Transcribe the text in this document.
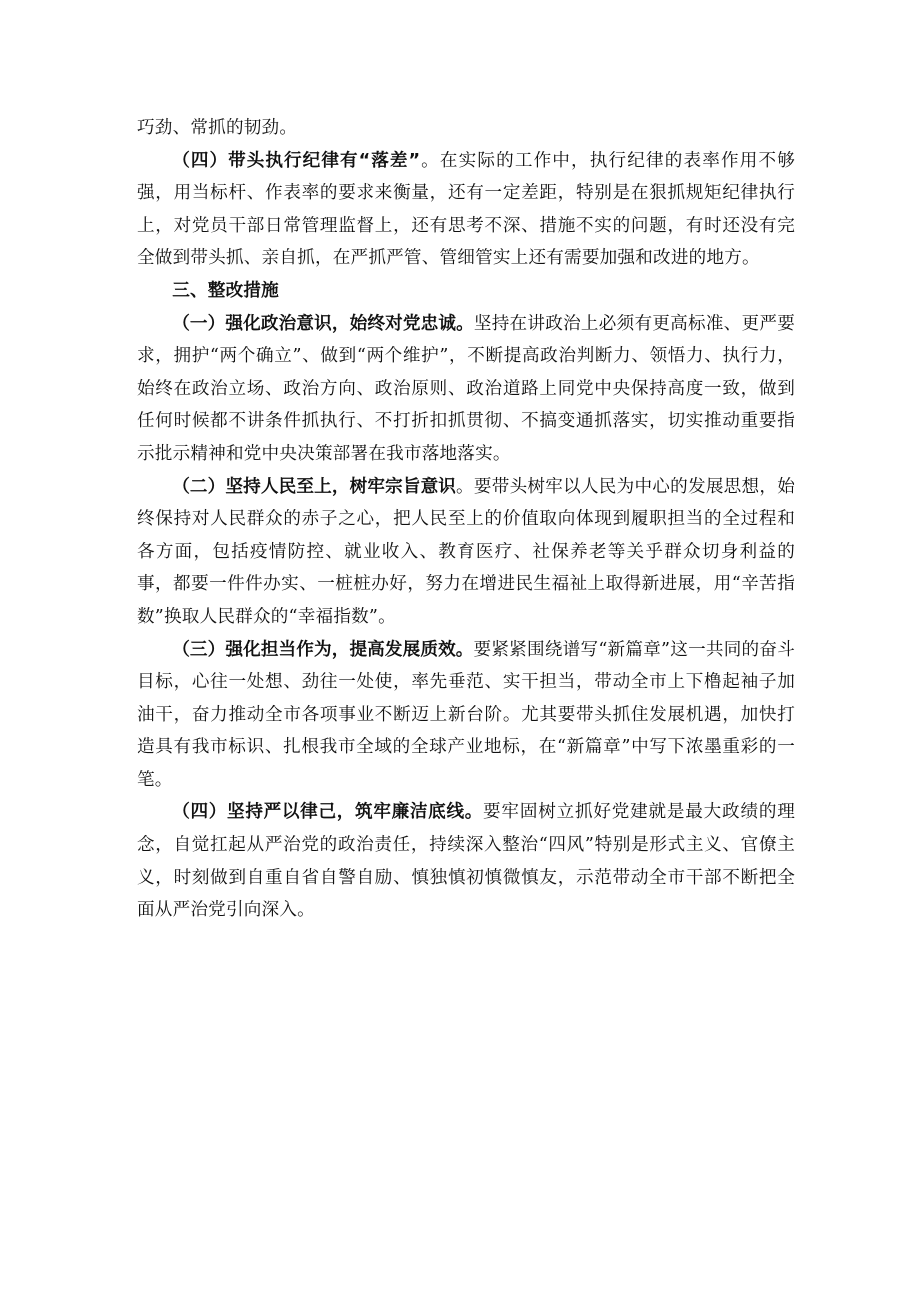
巧劲、常抓的韧劲。

（四）带头执行纪律有“落差”。在实际的工作中，执行纪律的表率作用不够强，用当标杆、作表率的要求来衡量，还有一定差距，特别是在狠抓规矩纪律执行上，对党员干部日常管理监督上，还有思考不深、措施不实的问题，有时还没有完全做到带头抓、亲自抓，在严抓严管、管细管实上还有需要加强和改进的地方。

三、整改措施

（一）强化政治意识，始终对党忠诚。坚持在讲政治上必须有更高标准、更严要求，拥护“两个确立”、做到“两个维护”，不断提高政治判断力、领悟力、执行力，始终在政治立场、政治方向、政治原则、政治道路上同党中央保持高度一致，做到任何时候都不讲条件抓执行、不打折扣抓贯彻、不搞变通抓落实，切实推动重要指示批示精神和党中央决策部署在我市落地落实。

（二）坚持人民至上，树牢宗旨意识。要带头树牢以人民为中心的发展思想，始终保持对人民群众的赤子之心，把人民至上的价值取向体现到履职担当的全过程和各方面，包括疫情防控、就业收入、教育医疗、社保养老等关乎群众切身利益的事，都要一件件办实、一桩桩办好，努力在增进民生福祉上取得新进展，用“辛苦指数”换取人民群众的“幸福指数”。

（三）强化担当作为，提高发展质效。要紧紧围绕谱写“新篇章”这一共同的奋斗目标，心往一处想、劲往一处使，率先垂范、实干担当，带动全市上下橹起袖子加油干，奋力推动全市各项事业不断迈上新台阶。尤其要带头抓住发展机遇，加快打造具有我市标识、扎根我市全域的全球产业地标，在“新篇章”中写下浓墨重彩的一笔。

（四）坚持严以律己，筑牢廉洁底线。要牢固树立抓好党建就是最大政绩的理念，自觉扛起从严治党的政治责任，持续深入整治“四风”特别是形式主义、官僚主义，时刻做到自重自省自警自励、慎独慎初慎微慎友，示范带动全市干部不断把全面从严治党引向深入。
